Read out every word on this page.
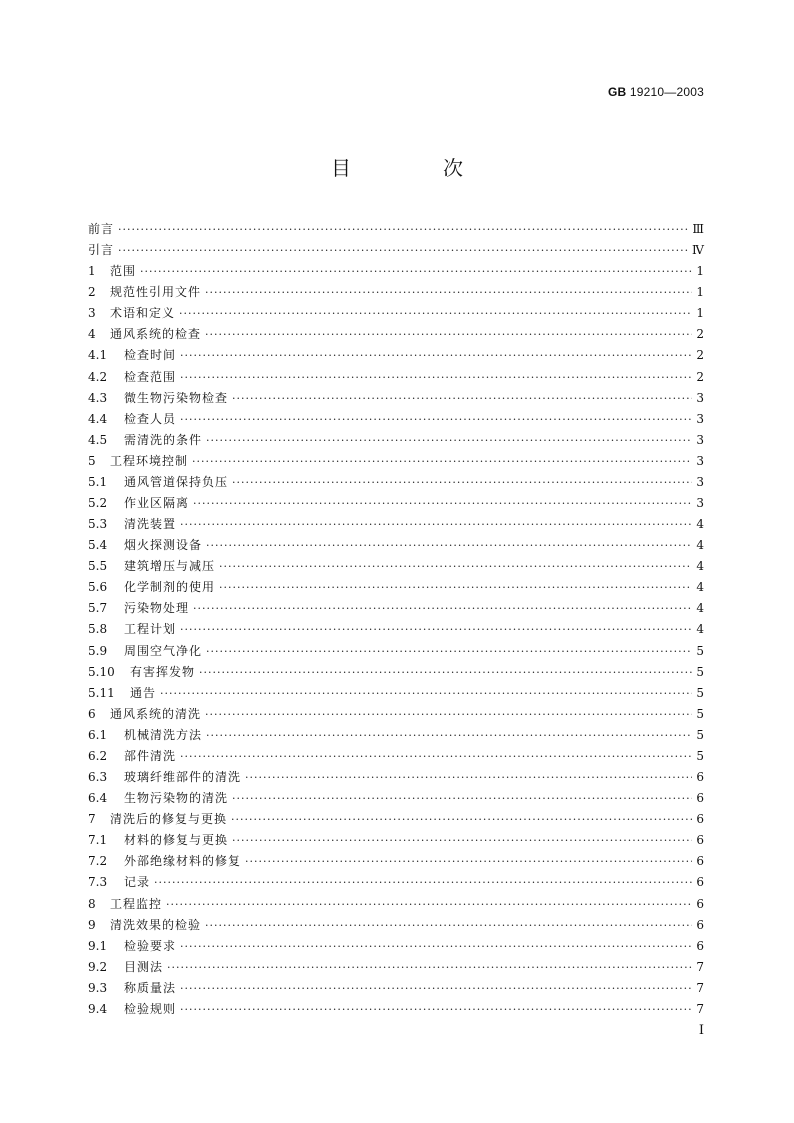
GB 19210—2003
目　次
前言 ·····	Ⅲ
引言 ·····	Ⅳ
1	范围 ·····	1
2	规范性引用文件 ·····	1
3	术语和定义 ·····	1
4	通风系统的检查 ·····	2
4.1	检查时间 ·····	2
4.2	检查范围 ·····	2
4.3	微生物污染物检查 ·····	3
4.4	检查人员 ·····	3
4.5	需清洗的条件 ·····	3
5	工程环境控制 ·····	3
5.1	通风管道保持负压 ·····	3
5.2	作业区隔离 ·····	3
5.3	清洗装置 ·····	4
5.4	烟火探测设备 ·····	4
5.5	建筑增压与减压 ·····	4
5.6	化学制剂的使用 ·····	4
5.7	污染物处理 ·····	4
5.8	工程计划 ·····	4
5.9	周围空气净化 ·····	5
5.10	有害挥发物 ·····	5
5.11	通告 ·····	5
6	通风系统的清洗 ·····	5
6.1	机械清洗方法 ·····	5
6.2	部件清洗 ·····	5
6.3	玻璃纤维部件的清洗 ·····	6
6.4	生物污染物的清洗 ·····	6
7	清洗后的修复与更换 ·····	6
7.1	材料的修复与更换 ·····	6
7.2	外部绝缘材料的修复 ·····	6
7.3	记录 ·····	6
8	工程监控 ·····	6
9	清洗效果的检验 ·····	6
9.1	检验要求 ·····	6
9.2	目测法 ·····	7
9.3	称质量法 ·····	7
9.4	检验规则 ·····	7
Ⅰ
